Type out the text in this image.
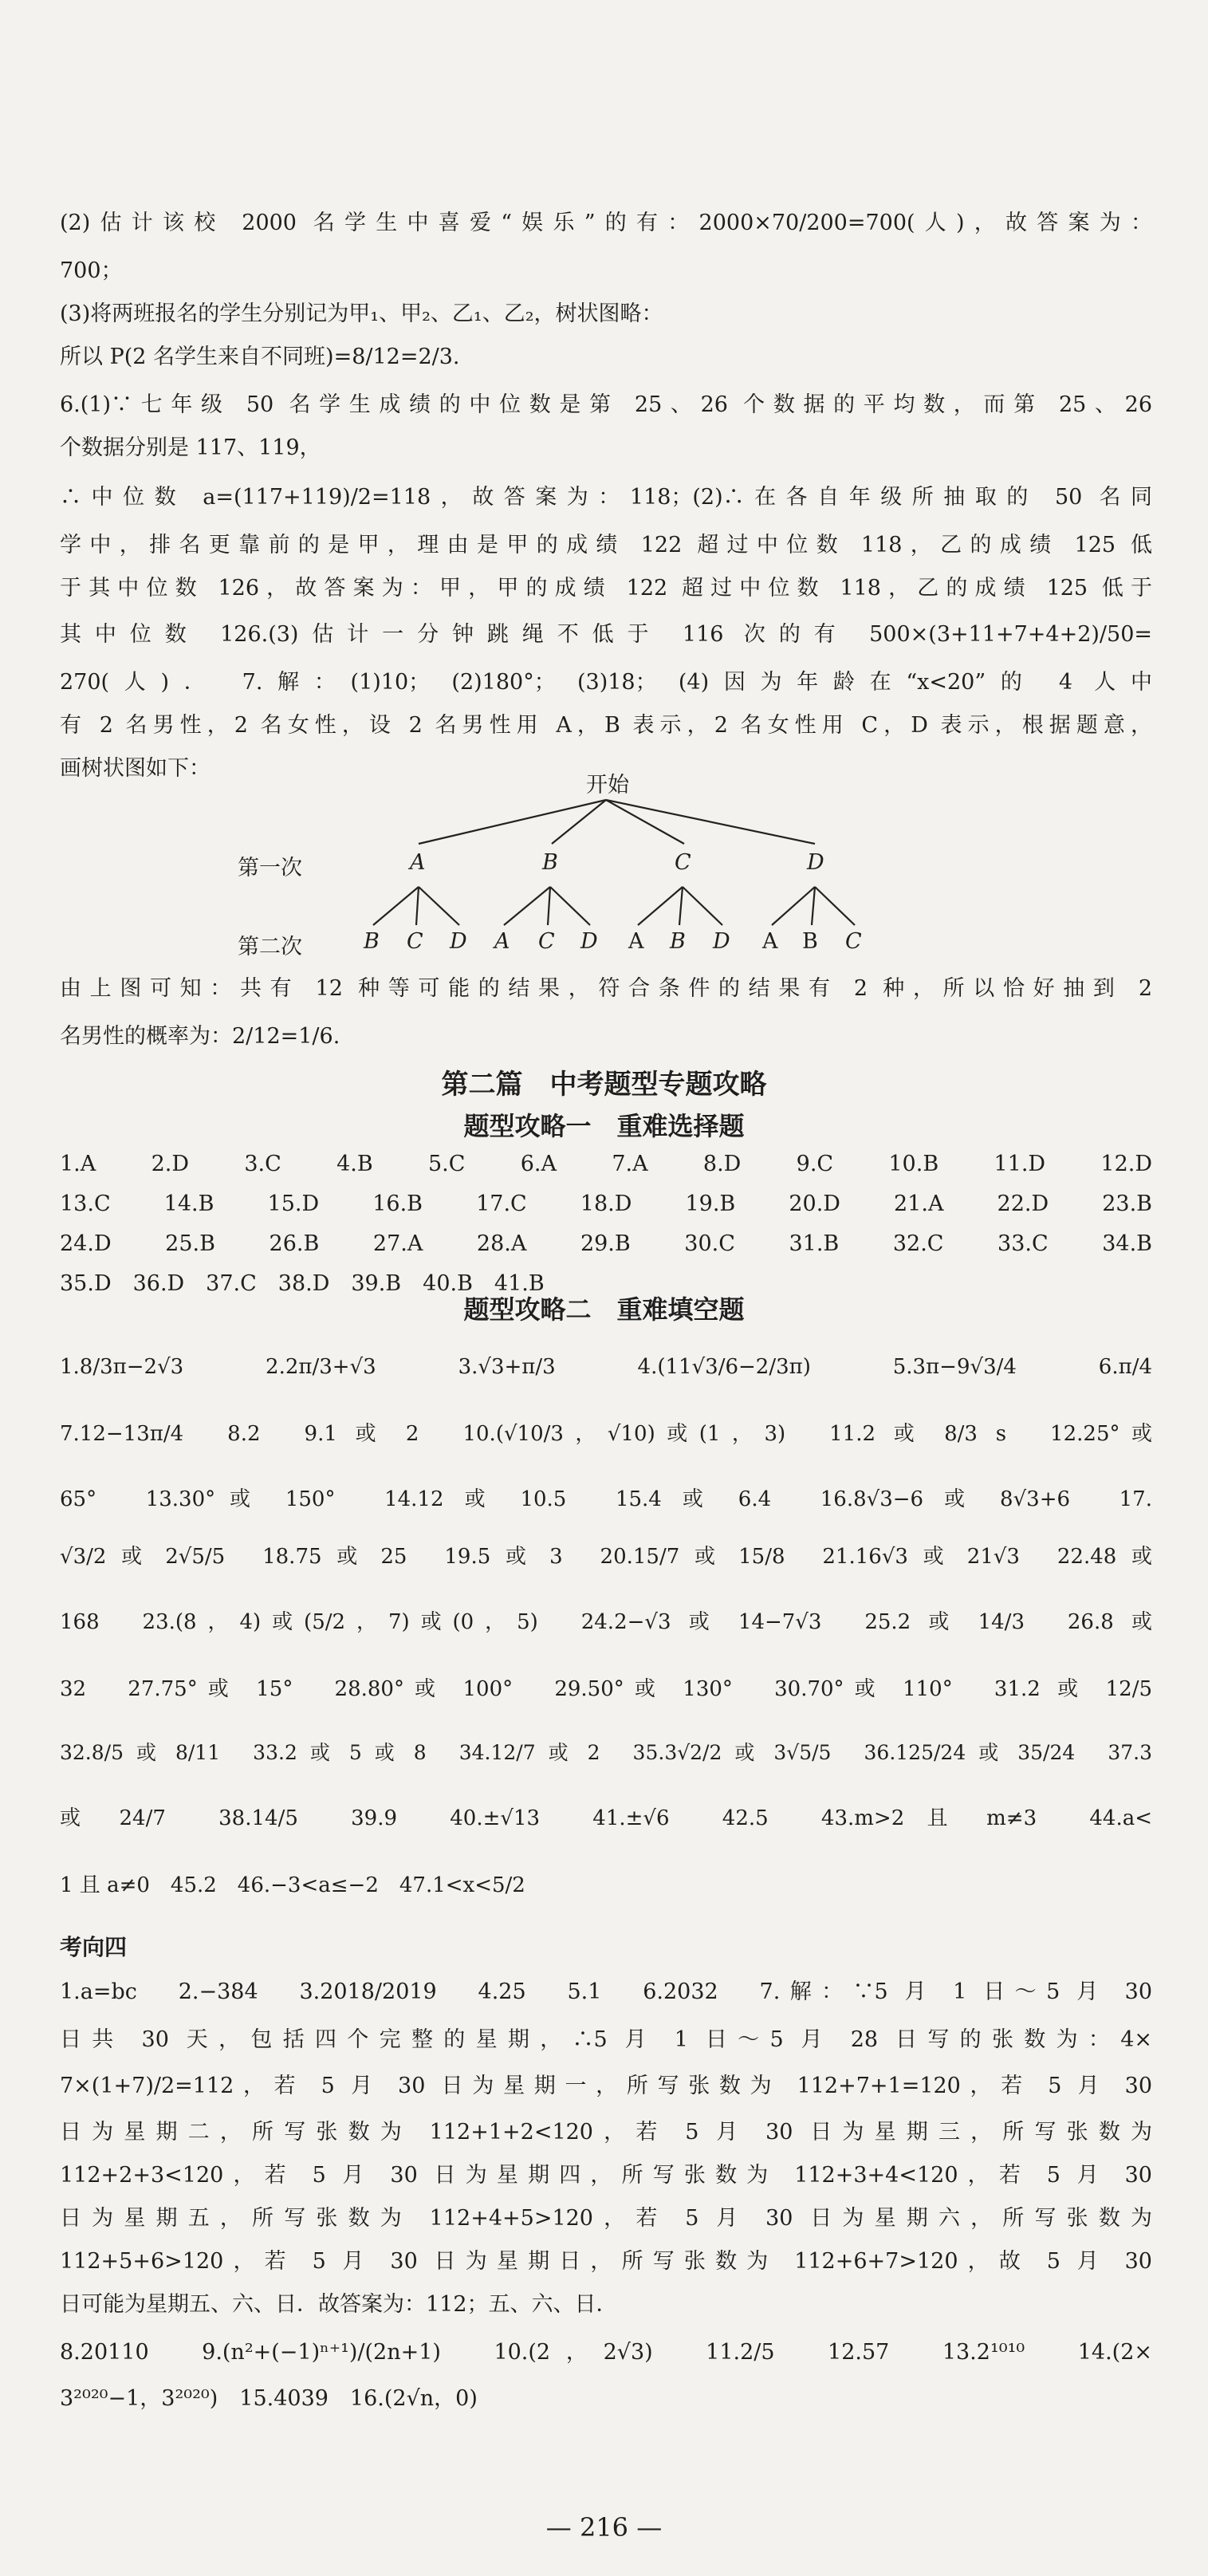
(2)估计该校 2000 名学生中喜爱“娱乐”的有：2000×70/200=700(人)，故答案为：
700；
(3)将两班报名的学生分别记为甲₁、甲₂、乙₁、乙₂，树状图略：
所以 P(2 名学生来自不同班)=8/12=2/3.
6.(1)∵七年级 50 名学生成绩的中位数是第 25、26 个数据的平均数，而第 25、26
个数据分别是 117、119，
∴中位数 a=(117+119)/2=118，故答案为：118；(2)∴在各自年级所抽取的 50 名同
学中，排名更靠前的是甲，理由是甲的成绩 122 超过中位数 118，乙的成绩 125 低
于其中位数 126，故答案为：甲，甲的成绩 122 超过中位数 118，乙的成绩 125 低于
其中位数 126.(3)估计一分钟跳绳不低于 116 次的有 500×(3+11+7+4+2)/50=
270(人)． 7.解：(1)10； (2)180°； (3)18； (4)因为年龄在“x<20”的 4 人中
有 2 名男性，2 名女性，设 2 名男性用 A，B 表示，2 名女性用 C，D 表示，根据题意，
画树状图如下：
开始
第一次
第二次
A	B	C	D
B C D A C D A B D A B C
由上图可知：共有 12 种等可能的结果，符合条件的结果有 2 种，所以恰好抽到 2
名男性的概率为：2/12=1/6.
第二篇　中考题型专题攻略
题型攻略一　重难选择题
1.A　2.D　3.C　4.B　5.C　6.A　7.A　8.D　9.C　10.B　11.D　12.D
13.C　14.B　15.D　16.B　17.C　18.D　19.B　20.D　21.A　22.D　23.B
24.D　25.B　26.B　27.A　28.A　29.B　30.C　31.B　32.C　33.C　34.B
35.D　36.D　37.C　38.D　39.B　40.B　41.B
题型攻略二　重难填空题
1.8/3π−2√3　2.2π/3+√3　3.√3+π/3　4.(11√3/6−2/3π)　5.3π−9√3/4　6.π/4
7.12−13π/4　8.2　9.1 或 2　10.(√10/3，√10)或(1，3)　11.2 或 8/3 s　12.25°或
65°　13.30°或 150°　14.12 或 10.5　15.4 或 6.4　16.8√3−6 或 8√3+6　17.
√3/2 或 2√5/5　18.75 或 25　19.5 或 3　20.15/7 或 15/8　21.16√3 或 21√3　22.48 或
168　23.(8，4)或(5/2，7)或(0，5)　24.2−√3 或 14−7√3　25.2 或 14/3　26.8 或
32　27.75°或 15°　28.80°或 100°　29.50°或 130°　30.70°或 110°　31.2 或 12/5
32.8/5 或 8/11　33.2 或 5 或 8　34.12/7 或 2　35.3√2/2 或 3√5/5　36.125/24 或 35/24　37.3
或 24/7　38.14/5　39.9　40.±√13　41.±√6　42.5　43.m>2 且 m≠3　44.a<
1 且 a≠0　45.2　46.−3<a≤−2　47.1<x<5/2
考向四
1.a=bc　2.−384　3.2018/2019　4.25　5.1　6.2032　7.解：∵5 月 1 日～5 月 30
日共 30 天，包括四个完整的星期，∴5 月 1 日～5 月 28 日写的张数为：4×
7×(1+7)/2=112，若 5 月 30 日为星期一，所写张数为 112+7+1=120，若 5 月 30
日为星期二，所写张数为 112+1+2<120，若 5 月 30 日为星期三，所写张数为
112+2+3<120，若 5 月 30 日为星期四，所写张数为 112+3+4<120，若 5 月 30
日为星期五，所写张数为 112+4+5>120，若 5 月 30 日为星期六，所写张数为
112+5+6>120，若 5 月 30 日为星期日，所写张数为 112+6+7>120，故 5 月 30
日可能为星期五、六、日．故答案为：112；五、六、日．
8.20110　9.(n²+(−1)ⁿ⁺¹)/(2n+1)　10.(2，2√3)　11.2/5　12.57　13.2¹⁰¹⁰　14.(2×
3²⁰²⁰−1，3²⁰²⁰)　15.4039　16.(2√n，0)
— 216 —
